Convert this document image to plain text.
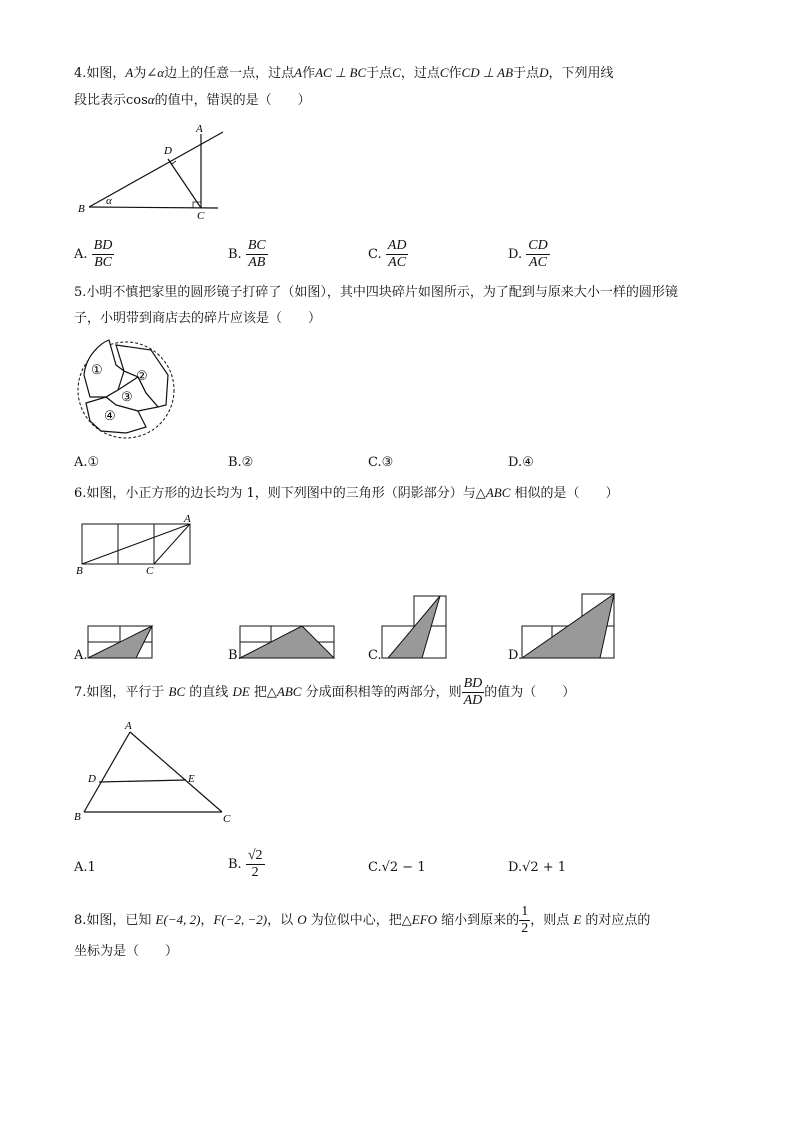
4.如图，A为∠α边上的任意一点，过点A作AC ⊥ BC于点C，过点C作CD ⊥ AB于点D，下列用线
段比表示cosα的值中，错误的是（　　）
A
B
C
D
α
A. $\frac{BD}{BC}$	B. $\frac{BC}{AB}$	C. $\frac{AD}{AC}$	D. $\frac{CD}{AC}$
5.小明不慎把家里的圆形镜子打碎了（如图），其中四块碎片如图所示，为了配到与原来大小一样的圆形镜
子，小明带到商店去的碎片应该是（　　）
①	②
③
④
A.①	B.②	C.③	D.④
6.如图，小正方形的边长均为 1，则下列图中的三角形（阴影部分）与△ABC 相似的是（　　）
A
B	C
A.	B.	C.	D.
7.如图，平行于 BC 的直线 DE 把△ABC 分成面积相等的两部分，则 $\frac{BD}{AD}$ 的值为（　　）
A
B	C
D	E
A.1	B. $\frac{√2}{2}$	C.√2 − 1	D.√2 + 1
8.如图，已知 E(−4, 2)，F(−2, −2)，以 O 为位似中心，把△EFO 缩小到原来的 $\frac{1}{2}$ ，则点 E 的对应点的
坐标为是（　　）
